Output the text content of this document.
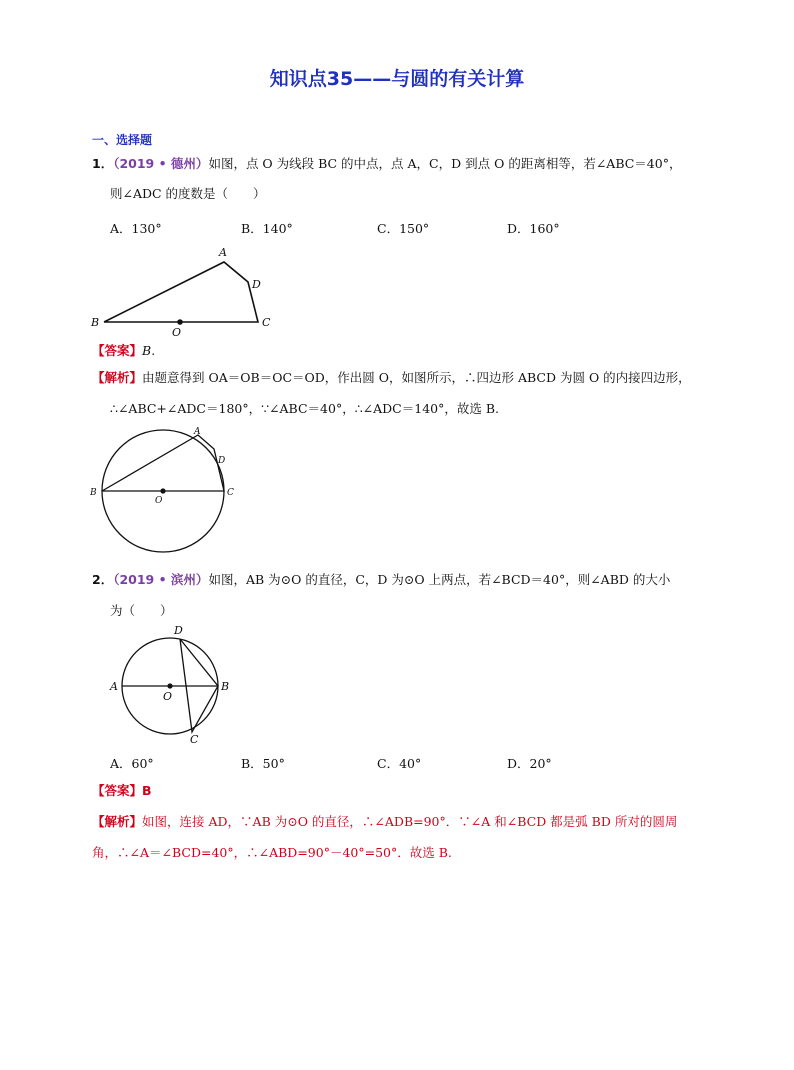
知识点35——与圆的有关计算
一、选择题
1．（2019 • 德州）如图，点 O 为线段 BC 的中点，点 A，C，D 到点 O 的距离相等，若∠ABC＝40°，
则∠ADC 的度数是（　　）
A．130°	B．140°	C．150°	D．160°
A
D
B
O
C
【答案】B.
【解析】由题意得到 OA＝OB＝OC＝OD，作出圆 O，如图所示，∴四边形 ABCD 为圆 O 的内接四边形，
∴∠ABC+∠ADC＝180°，∵∠ABC＝40°，∴∠ADC＝140°，故选 B.
A
D
B
O
C
2．（2019 • 滨州）如图，AB 为⊙O 的直径，C，D 为⊙O 上两点，若∠BCD＝40°，则∠ABD 的大小
为（　　）
D
A
O
B
C
A．60°	B．50°	C．40°	D．20°
【答案】B
【解析】如图，连接 AD，∵AB 为⊙O 的直径，∴∠ADB=90°．∵∠A 和∠BCD 都是弧 BD 所对的圆周
角，∴∠A＝∠BCD=40°，∴∠ABD=90°－40°=50°．故选 B.
